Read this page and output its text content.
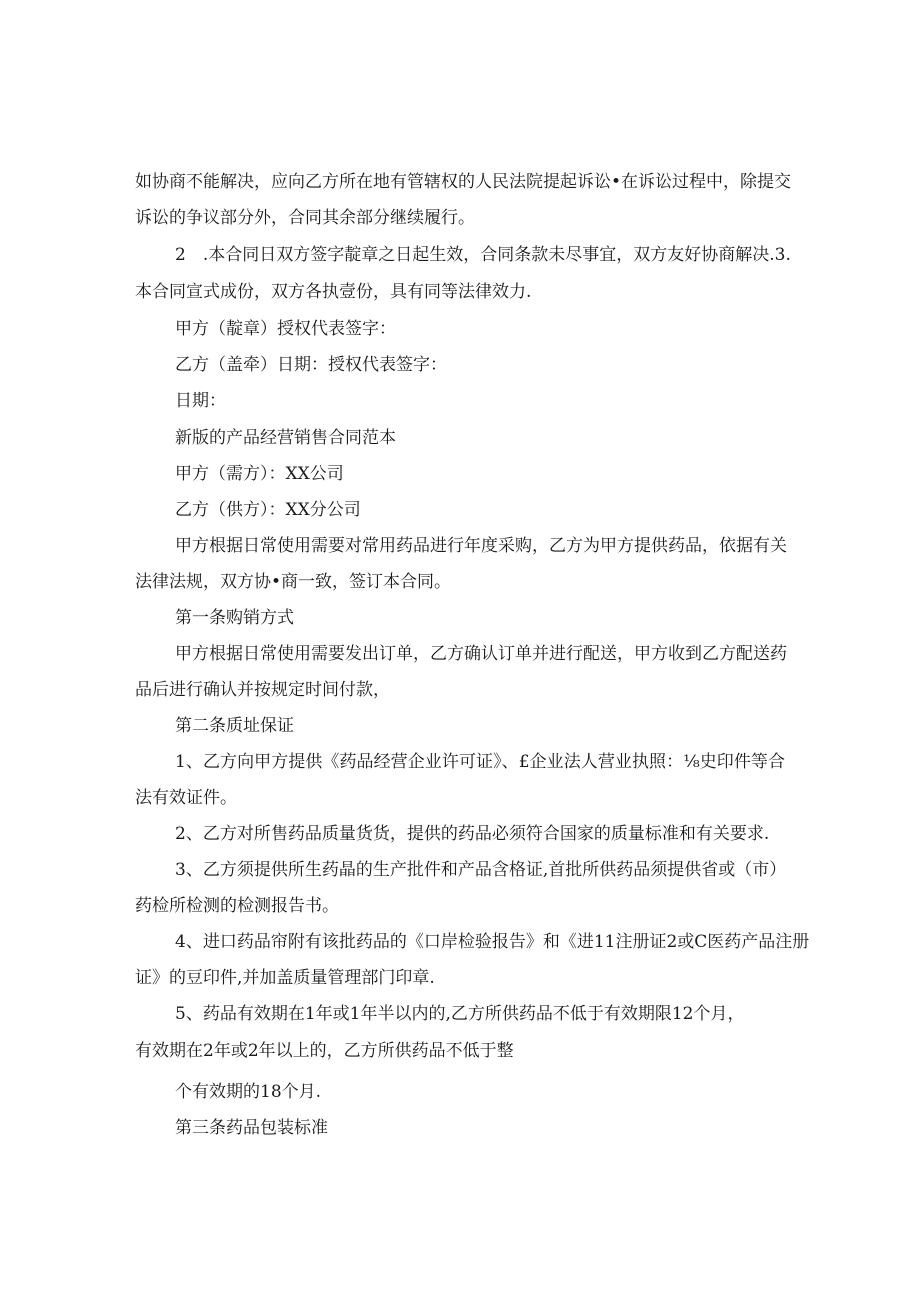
如协商不能解决，应向乙方所在地有管辖权的人民法院提起诉讼•在诉讼过程中，除提交
诉讼的争议部分外，合同其余部分继续履行。
2　.本合同日双方签字靛章之日起生效，合同条款未尽事宜，双方友好协商解决.3.
本合同宣式成份，双方各执壹份，具有同等法律效力.
甲方（靛章）授权代表签字：
乙方（盖牵）日期：授权代表签字：
日期：
新版的产品经营销售合同范本
甲方（需方）：XX公司
乙方（供方）：XX分公司
甲方根据日常使用需要对常用药品进行年度采购，乙方为甲方提供药品，依据有关
法律法规，双方协•商一致，签订本合同。
第一条购销方式
甲方根据日常使用需要发出订单，乙方确认订单并进行配送，甲方收到乙方配送药
品后进行确认并按规定时间付款，
第二条质址保证
1、乙方向甲方提供《药品经营企业许可证》、£企业法人营业执照：⅛史印件等合
法有效证件。
2、乙方对所售药品质量货货，提供的药品必须符合国家的质量标准和有关要求.
3、乙方须提供所生药晶的生产批件和产品含格证,首批所供药品须提供省或（市）
药检所检测的检测报告书。
4、进口药品帘附有该批药品的《口岸检验报告》和《进11注册证2或C医药产品注册
证》的豆印件,并加盖质量管理部门印章.
5、药品有效期在1年或1年半以内的,乙方所供药品不低于有效期限12个月，
有效期在2年或2年以上的，乙方所供药品不低于整
个有效期的18个月.
第三条药品包装标准
